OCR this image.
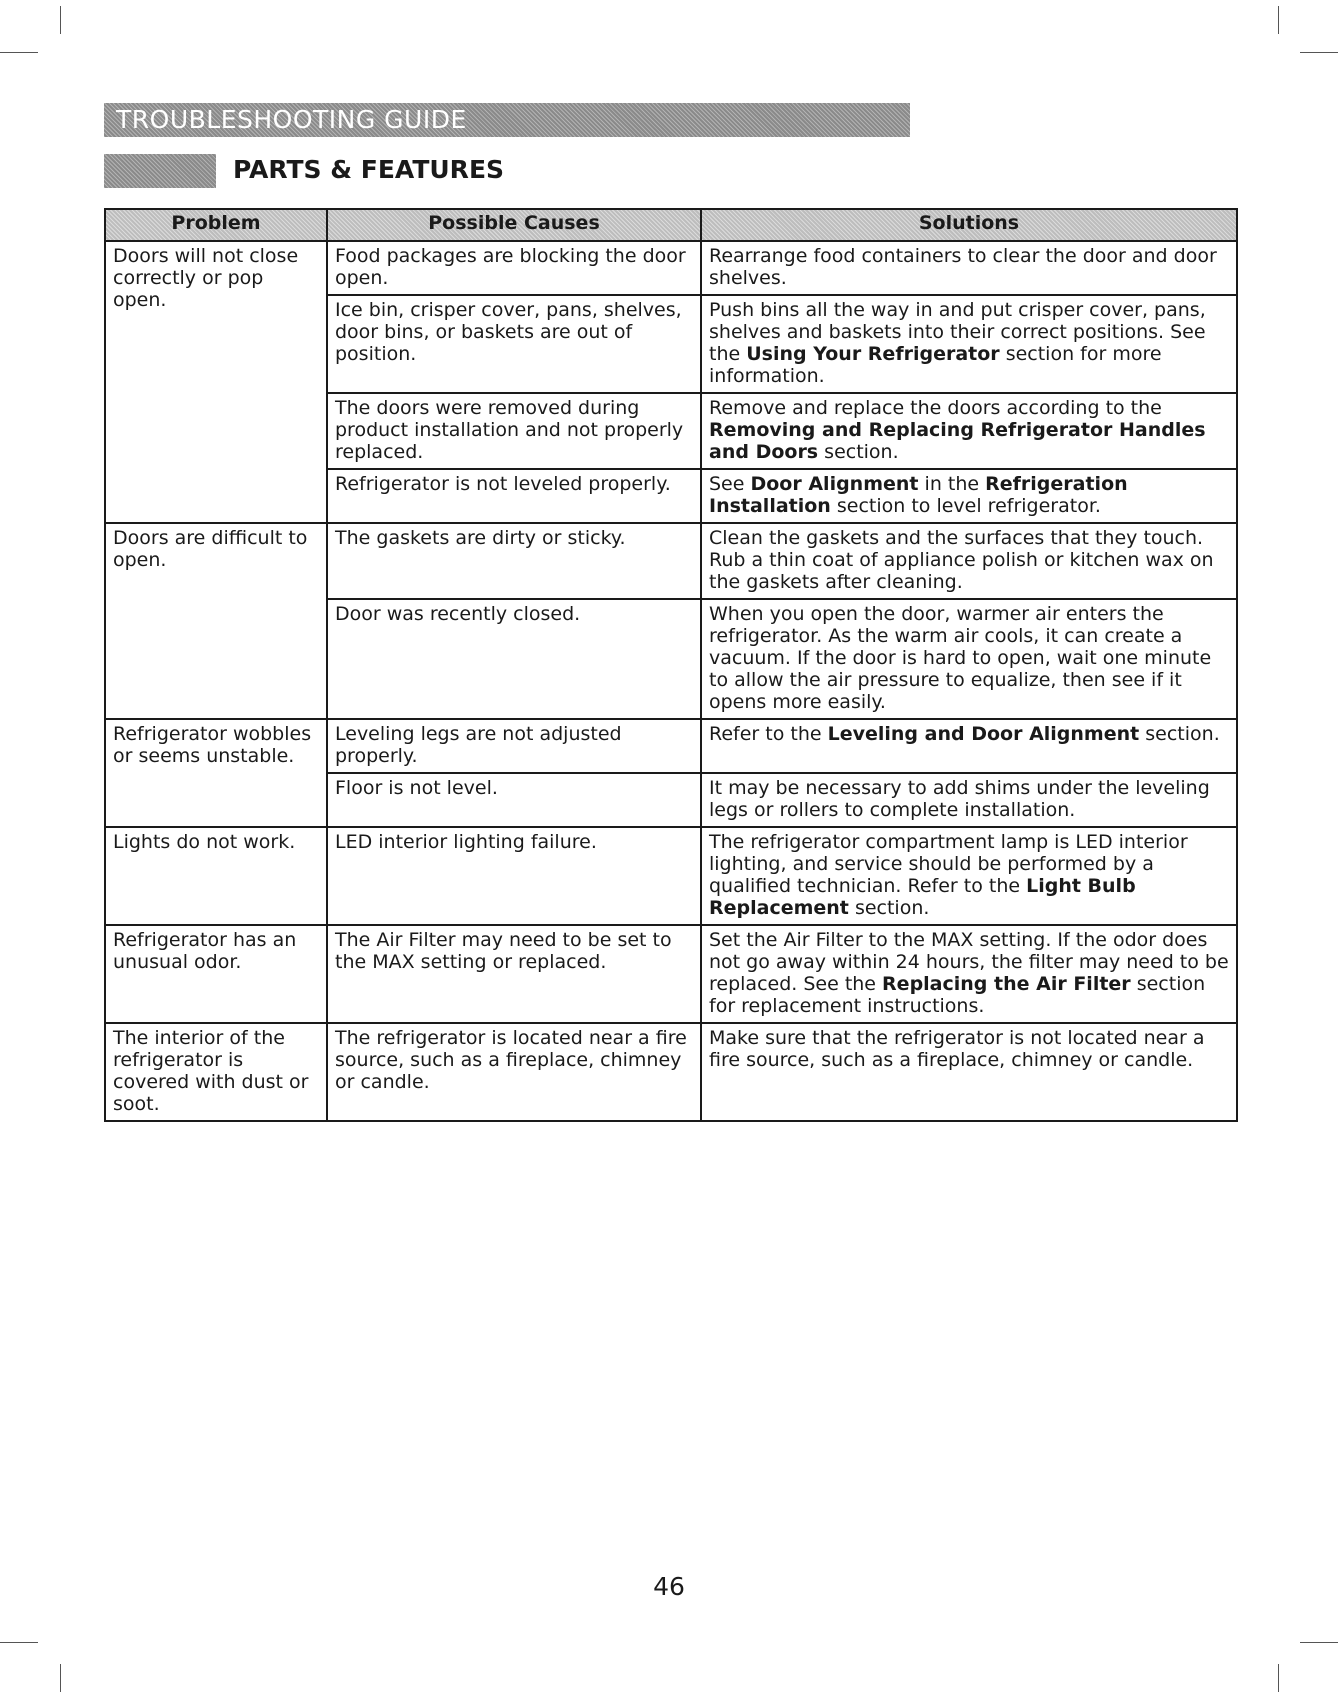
TROUBLESHOOTING GUIDE
PARTS & FEATURES
Problem	Possible Causes	Solutions
Doors will not close correctly or pop open.	Food packages are blocking the door open.	Rearrange food containers to clear the door and door shelves.
	Ice bin, crisper cover, pans, shelves, door bins, or baskets are out of position.	Push bins all the way in and put crisper cover, pans, shelves and baskets into their correct positions. See the Using Your Refrigerator section for more information.
	The doors were removed during product installation and not properly replaced.	Remove and replace the doors according to the Removing and Replacing Refrigerator Handles and Doors section.
	Refrigerator is not leveled properly.	See Door Alignment in the Refrigeration Installation section to level refrigerator.
Doors are difficult to open.	The gaskets are dirty or sticky.	Clean the gaskets and the surfaces that they touch. Rub a thin coat of appliance polish or kitchen wax on the gaskets after cleaning.
	Door was recently closed.	When you open the door, warmer air enters the refrigerator. As the warm air cools, it can create a vacuum. If the door is hard to open, wait one minute to allow the air pressure to equalize, then see if it opens more easily.
Refrigerator wobbles or seems unstable.	Leveling legs are not adjusted properly.	Refer to the Leveling and Door Alignment section.
	Floor is not level.	It may be necessary to add shims under the leveling legs or rollers to complete installation.
Lights do not work.	LED interior lighting failure.	The refrigerator compartment lamp is LED interior lighting, and service should be performed by a qualified technician. Refer to the Light Bulb Replacement section.
Refrigerator has an unusual odor.	The Air Filter may need to be set to the MAX setting or replaced.	Set the Air Filter to the MAX setting. If the odor does not go away within 24 hours, the filter may need to be replaced. See the Replacing the Air Filter section for replacement instructions.
The interior of the refrigerator is covered with dust or soot.	The refrigerator is located near a fire source, such as a fireplace, chimney or candle.	Make sure that the refrigerator is not located near a fire source, such as a fireplace, chimney or candle.
46
